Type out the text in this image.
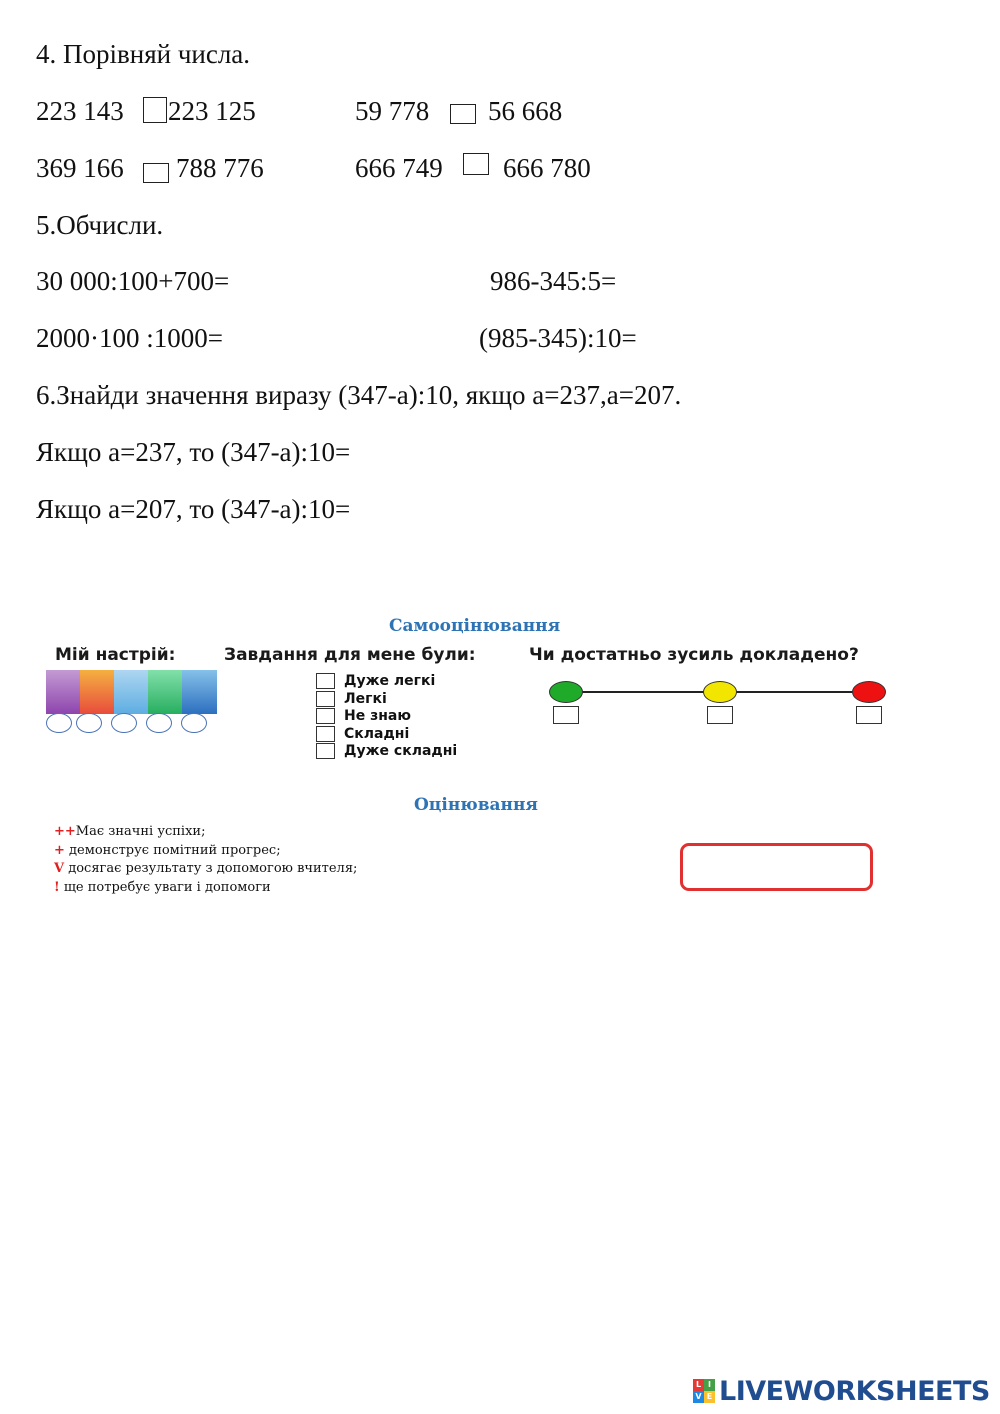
4. Порівняй числа.
223 143 223 125	59 778 56 668
369 166 788 776	666 749 666 780
5.Обчисли.
30 000:100+700=	986-345:5=
2000·100 :1000=	(985-345):10=
6.Знайди значення виразу (347-а):10, якщо а=237,а=207.
Якщо а=237, то (347-а):10=
Якщо а=207, то (347-а):10=
Самооцінювання
Мій настрій:	Завдання для мене були:	Чи достатньо зусиль докладено?
Дуже легкі
Легкі
Не знаю
Складні
Дуже складні
Оцінювання
++Має значні успіхи;
+ демонструє помітний прогрес;
V досягає результату з допомогою вчителя;
! ще потребує уваги і допомоги
L I
V E LIVEWORKSHEETS
